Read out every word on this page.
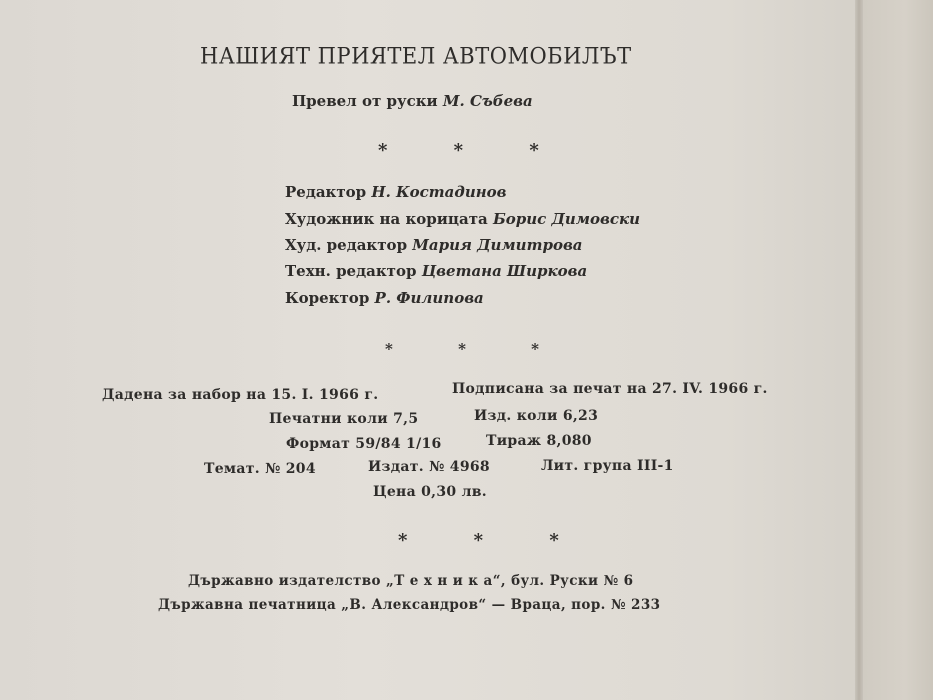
НАШИЯТ ПРИЯТЕЛ АВТОМОБИЛЪТ
Превел от руски М. Събева
* * *
Редактор Н. Костадинов
Художник на корицата Борис Димовски
Худ. редактор Мария Димитрова
Техн. редактор Цветана Ширкова
Коректор Р. Филипова
* * *
Дадена за набор на 15. I. 1966 г.	Подписана за печат на 27. IV. 1966 г.
Печатни коли 7,5	Изд. коли 6,23
Формат 59/84 1/16	Тираж 8,080
Темат. № 204	Издат. № 4968	Лит. група III-1
Цена 0,30 лв.
* * *
Държавно издателство „Т е х н и к а“, бул. Руски № 6
Държавна печатница „В. Александров“ — Враца, пор. № 233
